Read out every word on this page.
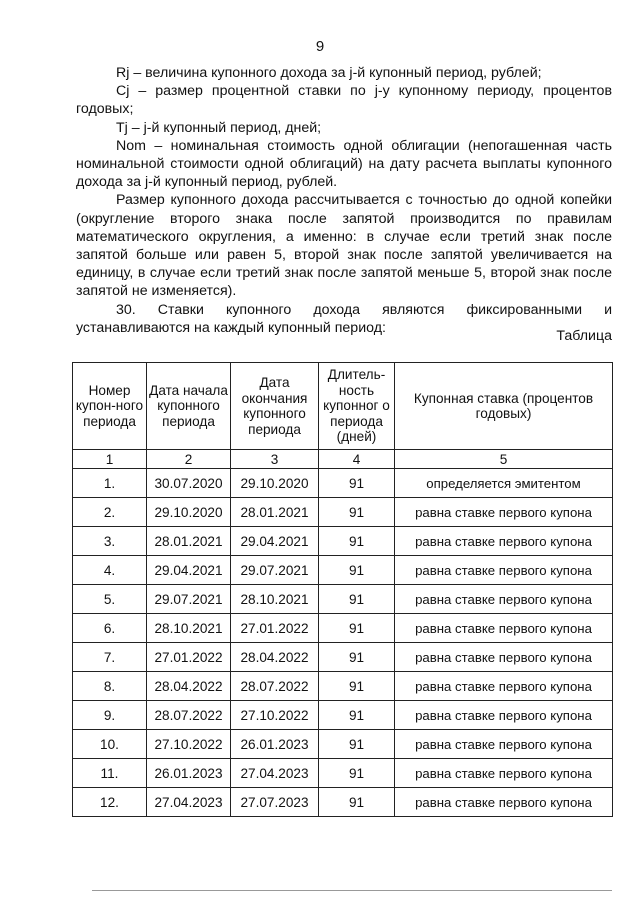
9

Rj – величина купонного дохода за j-й купонный период, рублей;

Cj – размер процентной ставки по j-у купонному периоду, процентов годовых;

Tj – j-й купонный период, дней;

Nom – номинальная стоимость одной облигации (непогашенная часть номинальной стоимости одной облигаций) на дату расчета выплаты купонного дохода за j-й купонный период, рублей.

Размер купонного дохода рассчитывается с точностью до одной копейки (округление второго знака после запятой производится по правилам математического округления, а именно: в случае если третий знак после запятой больше или равен 5, второй знак после запятой увеличивается на единицу, в случае если третий знак после запятой меньше 5, второй знак после запятой не изменяется).

30. Ставки купонного дохода являются фиксированными и устанавливаются на каждый купонный период:

Таблица
Номер купон-ного периода	Дата начала купонного периода	Дата окончания купонного периода	Длитель-ность купонног о периода (дней)	Купонная ставка (процентов годовых)
1	2	3	4	5
1.	30.07.2020	29.10.2020	91	определяется эмитентом
2.	29.10.2020	28.01.2021	91	равна ставке первого купона
3.	28.01.2021	29.04.2021	91	равна ставке первого купона
4.	29.04.2021	29.07.2021	91	равна ставке первого купона
5.	29.07.2021	28.10.2021	91	равна ставке первого купона
6.	28.10.2021	27.01.2022	91	равна ставке первого купона
7.	27.01.2022	28.04.2022	91	равна ставке первого купона
8.	28.04.2022	28.07.2022	91	равна ставке первого купона
9.	28.07.2022	27.10.2022	91	равна ставке первого купона
10.	27.10.2022	26.01.2023	91	равна ставке первого купона
11.	26.01.2023	27.04.2023	91	равна ставке первого купона
12.	27.04.2023	27.07.2023	91	равна ставке первого купона
